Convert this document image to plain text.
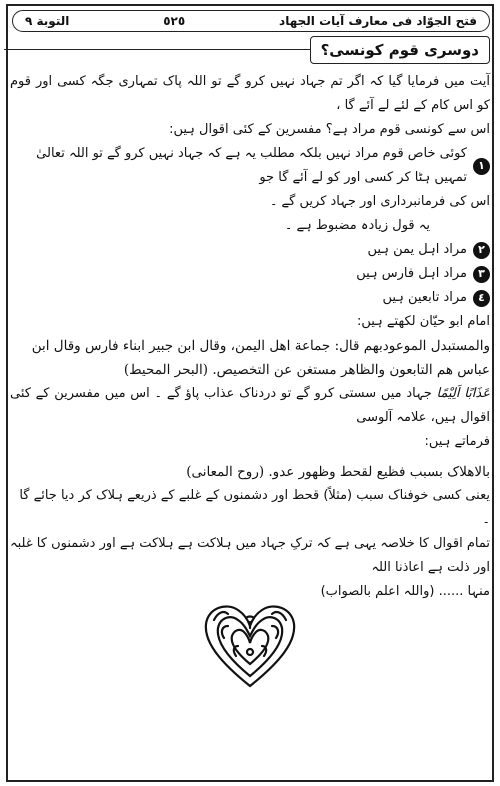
فتح الجوّاد فی معارف آیات الجهاد
٥٢٥
التوبة ٩
دوسری قوم کونسی؟

آیت میں فرمایا گیا کہ اگر تم جہاد نہیں کرو گے تو اللہ پاک تمہاری جگہ کسی اور قوم کو اس کام کے لئے لے آئے گا ،

اس سے کونسی قوم مراد ہے؟ مفسرین کے کئی اقوال ہیں:

١
کوئی خاص قوم مراد نہیں بلکہ مطلب یہ ہے کہ جہاد نہیں کرو گے تو اللہ تعالیٰ تمہیں ہٹا کر کسی اور کو لے آئے گا جو

اس کی فرمانبرداری اور جہاد کریں گے ۔

یہ قول زیادہ مضبوط ہے ۔

٢
مراد اہل یمن ہیں
٣
مراد اہل فارس ہیں
٤
مراد تابعین ہیں

امام ابو حیّان لکھتے ہیں:

والمستبدل الموعودبهم قال: جماعة اهل اليمن، وقال ابن جبير ابناء فارس وقال ابن

عباس هم التابعون والظاهر مستغن عن التخصيص. (البحر المحيط)

عَذَابًا اَلِيْمًا جہاد میں سستی کرو گے تو دردناک عذاب پاؤ گے ۔ اس میں مفسرین کے کئی اقوال ہیں، علامہ آلوسی

فرماتے ہیں:

بالاهلاک بسبب فظيع لقحط وظهور عدو. (روح المعانی)

یعنی کسی خوفناک سبب (مثلاً) قحط اور دشمنوں کے غلبے کے ذریعے ہلاک کر دیا جائے گا ۔

تمام اقوال کا خلاصہ یہی ہے کہ ترکِ جہاد میں ہلاکت ہے ہلاکت ہے اور دشمنوں کا غلبہ اور ذلت ہے اعاذنا اللہ

منہا ...... (واللہ اعلم بالصواب)
